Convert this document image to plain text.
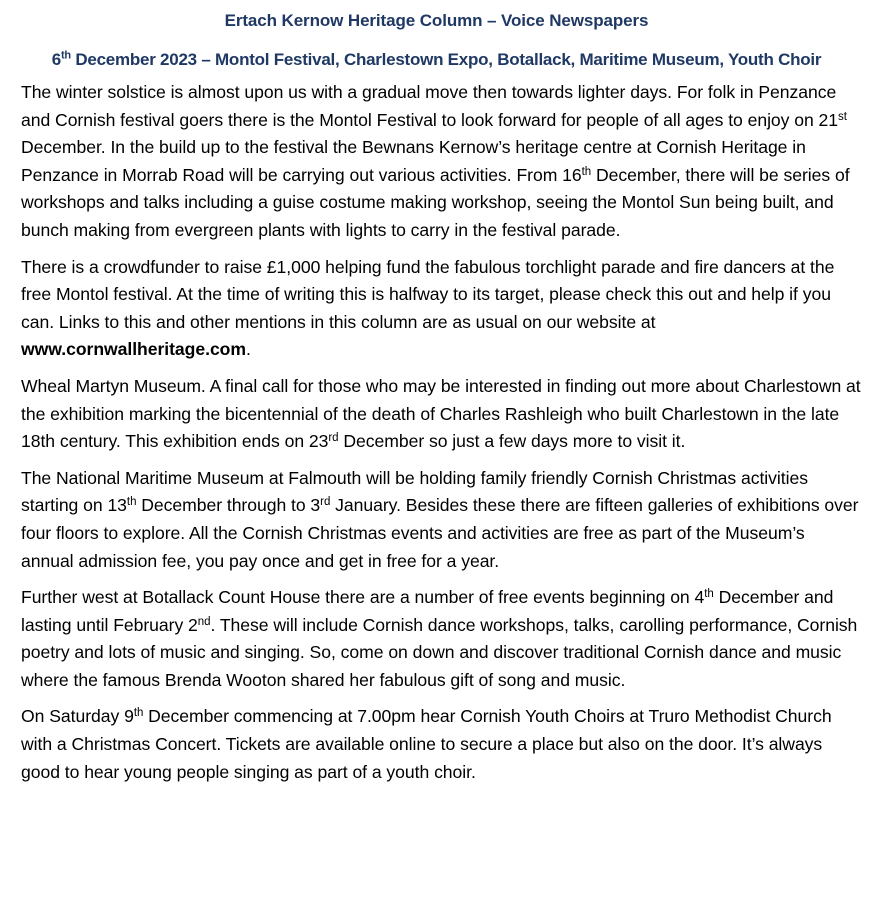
Ertach Kernow Heritage Column – Voice Newspapers
6th December 2023 – Montol Festival, Charlestown Expo, Botallack, Maritime Museum, Youth Choir

The winter solstice is almost upon us with a gradual move then towards lighter days. For folk in Penzance and Cornish festival goers there is the Montol Festival to look forward for people of all ages to enjoy on 21st December. In the build up to the festival the Bewnans Kernow’s heritage centre at Cornish Heritage in Penzance in Morrab Road will be carrying out various activities. From 16th December, there will be series of workshops and talks including a guise costume making workshop, seeing the Montol Sun being built, and bunch making from evergreen plants with lights to carry in the festival parade.

There is a crowdfunder to raise £1,000 helping fund the fabulous torchlight parade and fire dancers at the free Montol festival. At the time of writing this is halfway to its target, please check this out and help if you can. Links to this and other mentions in this column are as usual on our website at www.cornwallheritage.com.

Wheal Martyn Museum. A final call for those who may be interested in finding out more about Charlestown at the exhibition marking the bicentennial of the death of Charles Rashleigh who built Charlestown in the late 18th century. This exhibition ends on 23rd December so just a few days more to visit it.

The National Maritime Museum at Falmouth will be holding family friendly Cornish Christmas activities starting on 13th December through to 3rd January. Besides these there are fifteen galleries of exhibitions over four floors to explore. All the Cornish Christmas events and activities are free as part of the Museum’s annual admission fee, you pay once and get in free for a year.

Further west at Botallack Count House there are a number of free events beginning on 4th December and lasting until February 2nd. These will include Cornish dance workshops, talks, carolling performance, Cornish poetry and lots of music and singing. So, come on down and discover traditional Cornish dance and music where the famous Brenda Wooton shared her fabulous gift of song and music.

On Saturday 9th December commencing at 7.00pm hear Cornish Youth Choirs at Truro Methodist Church with a Christmas Concert. Tickets are available online to secure a place but also on the door. It’s always good to hear young people singing as part of a youth choir.
